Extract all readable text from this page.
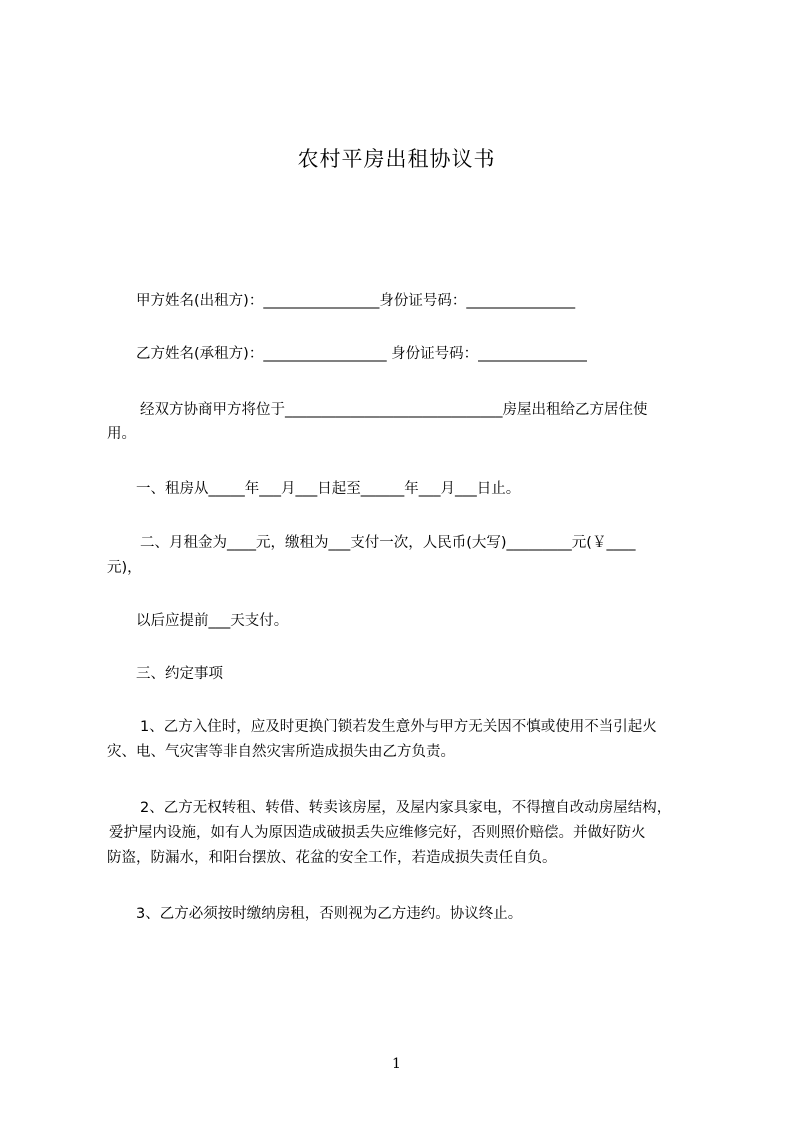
农村平房出租协议书
甲方姓名(出租方)：________________身份证号码：_______________
乙方姓名(承租方)：_________________ 身份证号码：_______________
经双方协商甲方将位于______________________________房屋出租给乙方居住使
用。
一、租房从_____年___月___日起至______年___月___日止。
二、月租金为____元，缴租为___支付一次，人民币(大写)_________元(￥____
元)，
以后应提前___天支付。
三、约定事项
1、乙方入住时，应及时更换门锁若发生意外与甲方无关因不慎或使用不当引起火
灾、电、气灾害等非自然灾害所造成损失由乙方负责。
2、乙方无权转租、转借、转卖该房屋，及屋内家具家电，不得擅自改动房屋结构，
爱护屋内设施，如有人为原因造成破损丢失应维修完好，否则照价赔偿。并做好防火
防盗，防漏水，和阳台摆放、花盆的安全工作，若造成损失责任自负。
3、乙方必须按时缴纳房租，否则视为乙方违约。协议终止。
1
